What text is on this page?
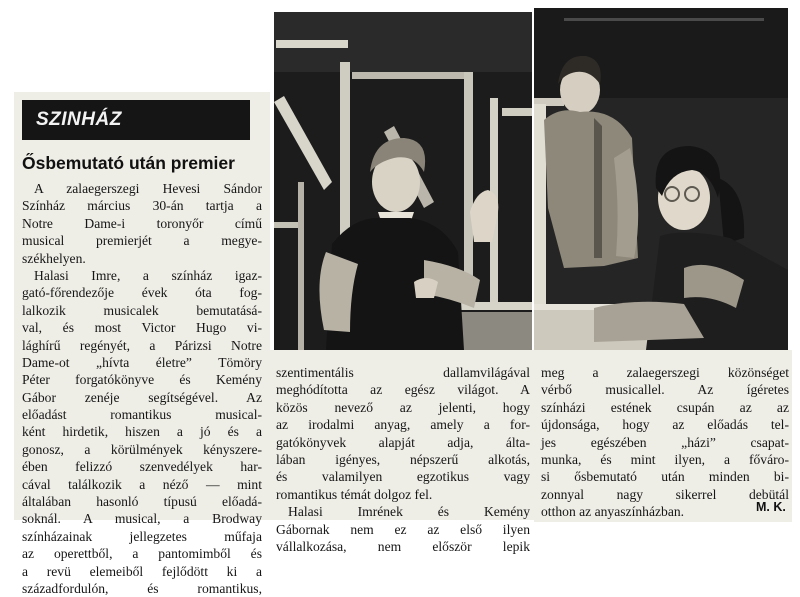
SZINHÁZ
Ősbemutató után premier
A zalaegerszegi Hevesi Sándor
Színház március 30-án tartja a
Notre Dame-i toronyőr című
musical premierjét a megye-
székhelyen.
Halasi Imre, a színház igaz-
gató-főrendezője évek óta fog-
lalkozik musicalek bemutatásá-
val, és most Victor Hugo vi-
lághírű regényét, a Párizsi Notre
Dame-ot „hívta életre” Tömöry
Péter forgatókönyve és Kemény
Gábor zenéje segítségével. Az
előadást romantikus musical-
ként hirdetik, hiszen a jó és a
gonosz, a körülmények kényszere-
ében felizzó szenvedélyek har-
cával találkozik a néző — mint
általában hasonló típusú előadá-
soknál. A musical, a Brodway
színházainak jellegzetes műfaja
az operettből, a pantomimből és
a revü elemeiből fejlődött ki a
századfordulón, és romantikus,
szentimentális dallamvilágával
meghódította az egész világot. A
közös nevező az jelenti, hogy
az irodalmi anyag, amely a for-
gatókönyvek alapját adja, álta-
lában igényes, népszerű alkotás,
és valamilyen egzotikus vagy
romantikus témát dolgoz fel.
Halasi Imrének és Kemény
Gábornak nem ez az első ilyen
vállalkozása, nem először lepik
meg a zalaegerszegi közönséget
vérbő musicallel. Az ígéretes
színházi estének csupán az az
újdonsága, hogy az előadás tel-
jes egészében „házi” csapat-
munka, és mint ilyen, a főváro-
si ősbemutató után minden bi-
zonnyal nagy sikerrel debütál
otthon az anyaszínházban.	M. K.
